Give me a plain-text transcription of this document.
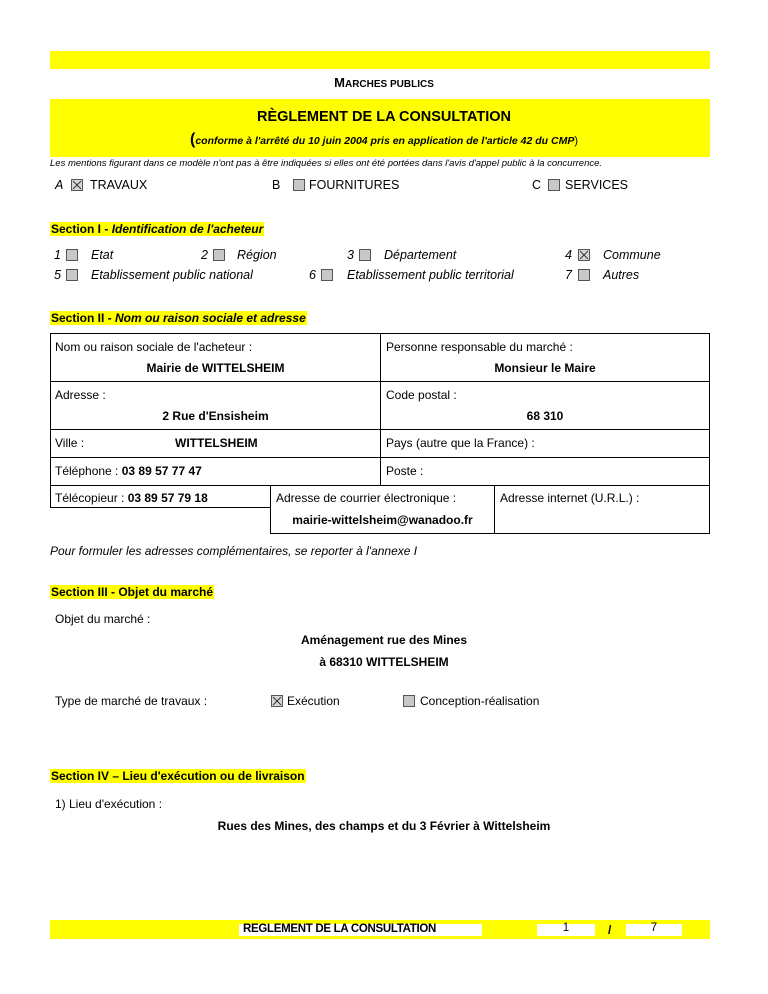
MARCHES PUBLICS
RÈGLEMENT DE LA CONSULTATION
(conforme à l'arrêté du 10 juin 2004 pris en application de l'article 42 du CMP)
Les mentions figurant dans ce modèle n'ont pas à être indiquées si elles ont été portées dans l'avis d'appel public à la concurrence.
A TRAVAUX	B FOURNITURES	C SERVICES
Section I - Identification de l'acheteur
1 Etat	2 Région	3 Département	4 Commune
5 Etablissement public national	6 Etablissement public territorial	7 Autres
Section II - Nom ou raison sociale et adresse
Nom ou raison sociale de l'acheteur :
Mairie de WITTELSHEIM
Personne responsable du marché :
Monsieur le Maire
Adresse :
2 Rue d'Ensisheim
Code postal :
68 310
Ville :	WITTELSHEIM	Pays (autre que la France) :
Téléphone : 03 89 57 77 47	Poste :
Télécopieur : 03 89 57 79 18	Adresse de courrier électronique :
mairie-wittelsheim@wanadoo.fr
Adresse internet (U.R.L.) :
Pour formuler les adresses complémentaires, se reporter à l'annexe I
Section III - Objet du marché
Objet du marché :
Aménagement rue des Mines
à 68310 WITTELSHEIM
Type de marché de travaux :	Exécution	Conception-réalisation
Section IV – Lieu d'exécution ou de livraison
1) Lieu d'exécution :
Rues des Mines, des champs et du 3 Février à Wittelsheim
REGLEMENT DE LA CONSULTATION	1	/	7
